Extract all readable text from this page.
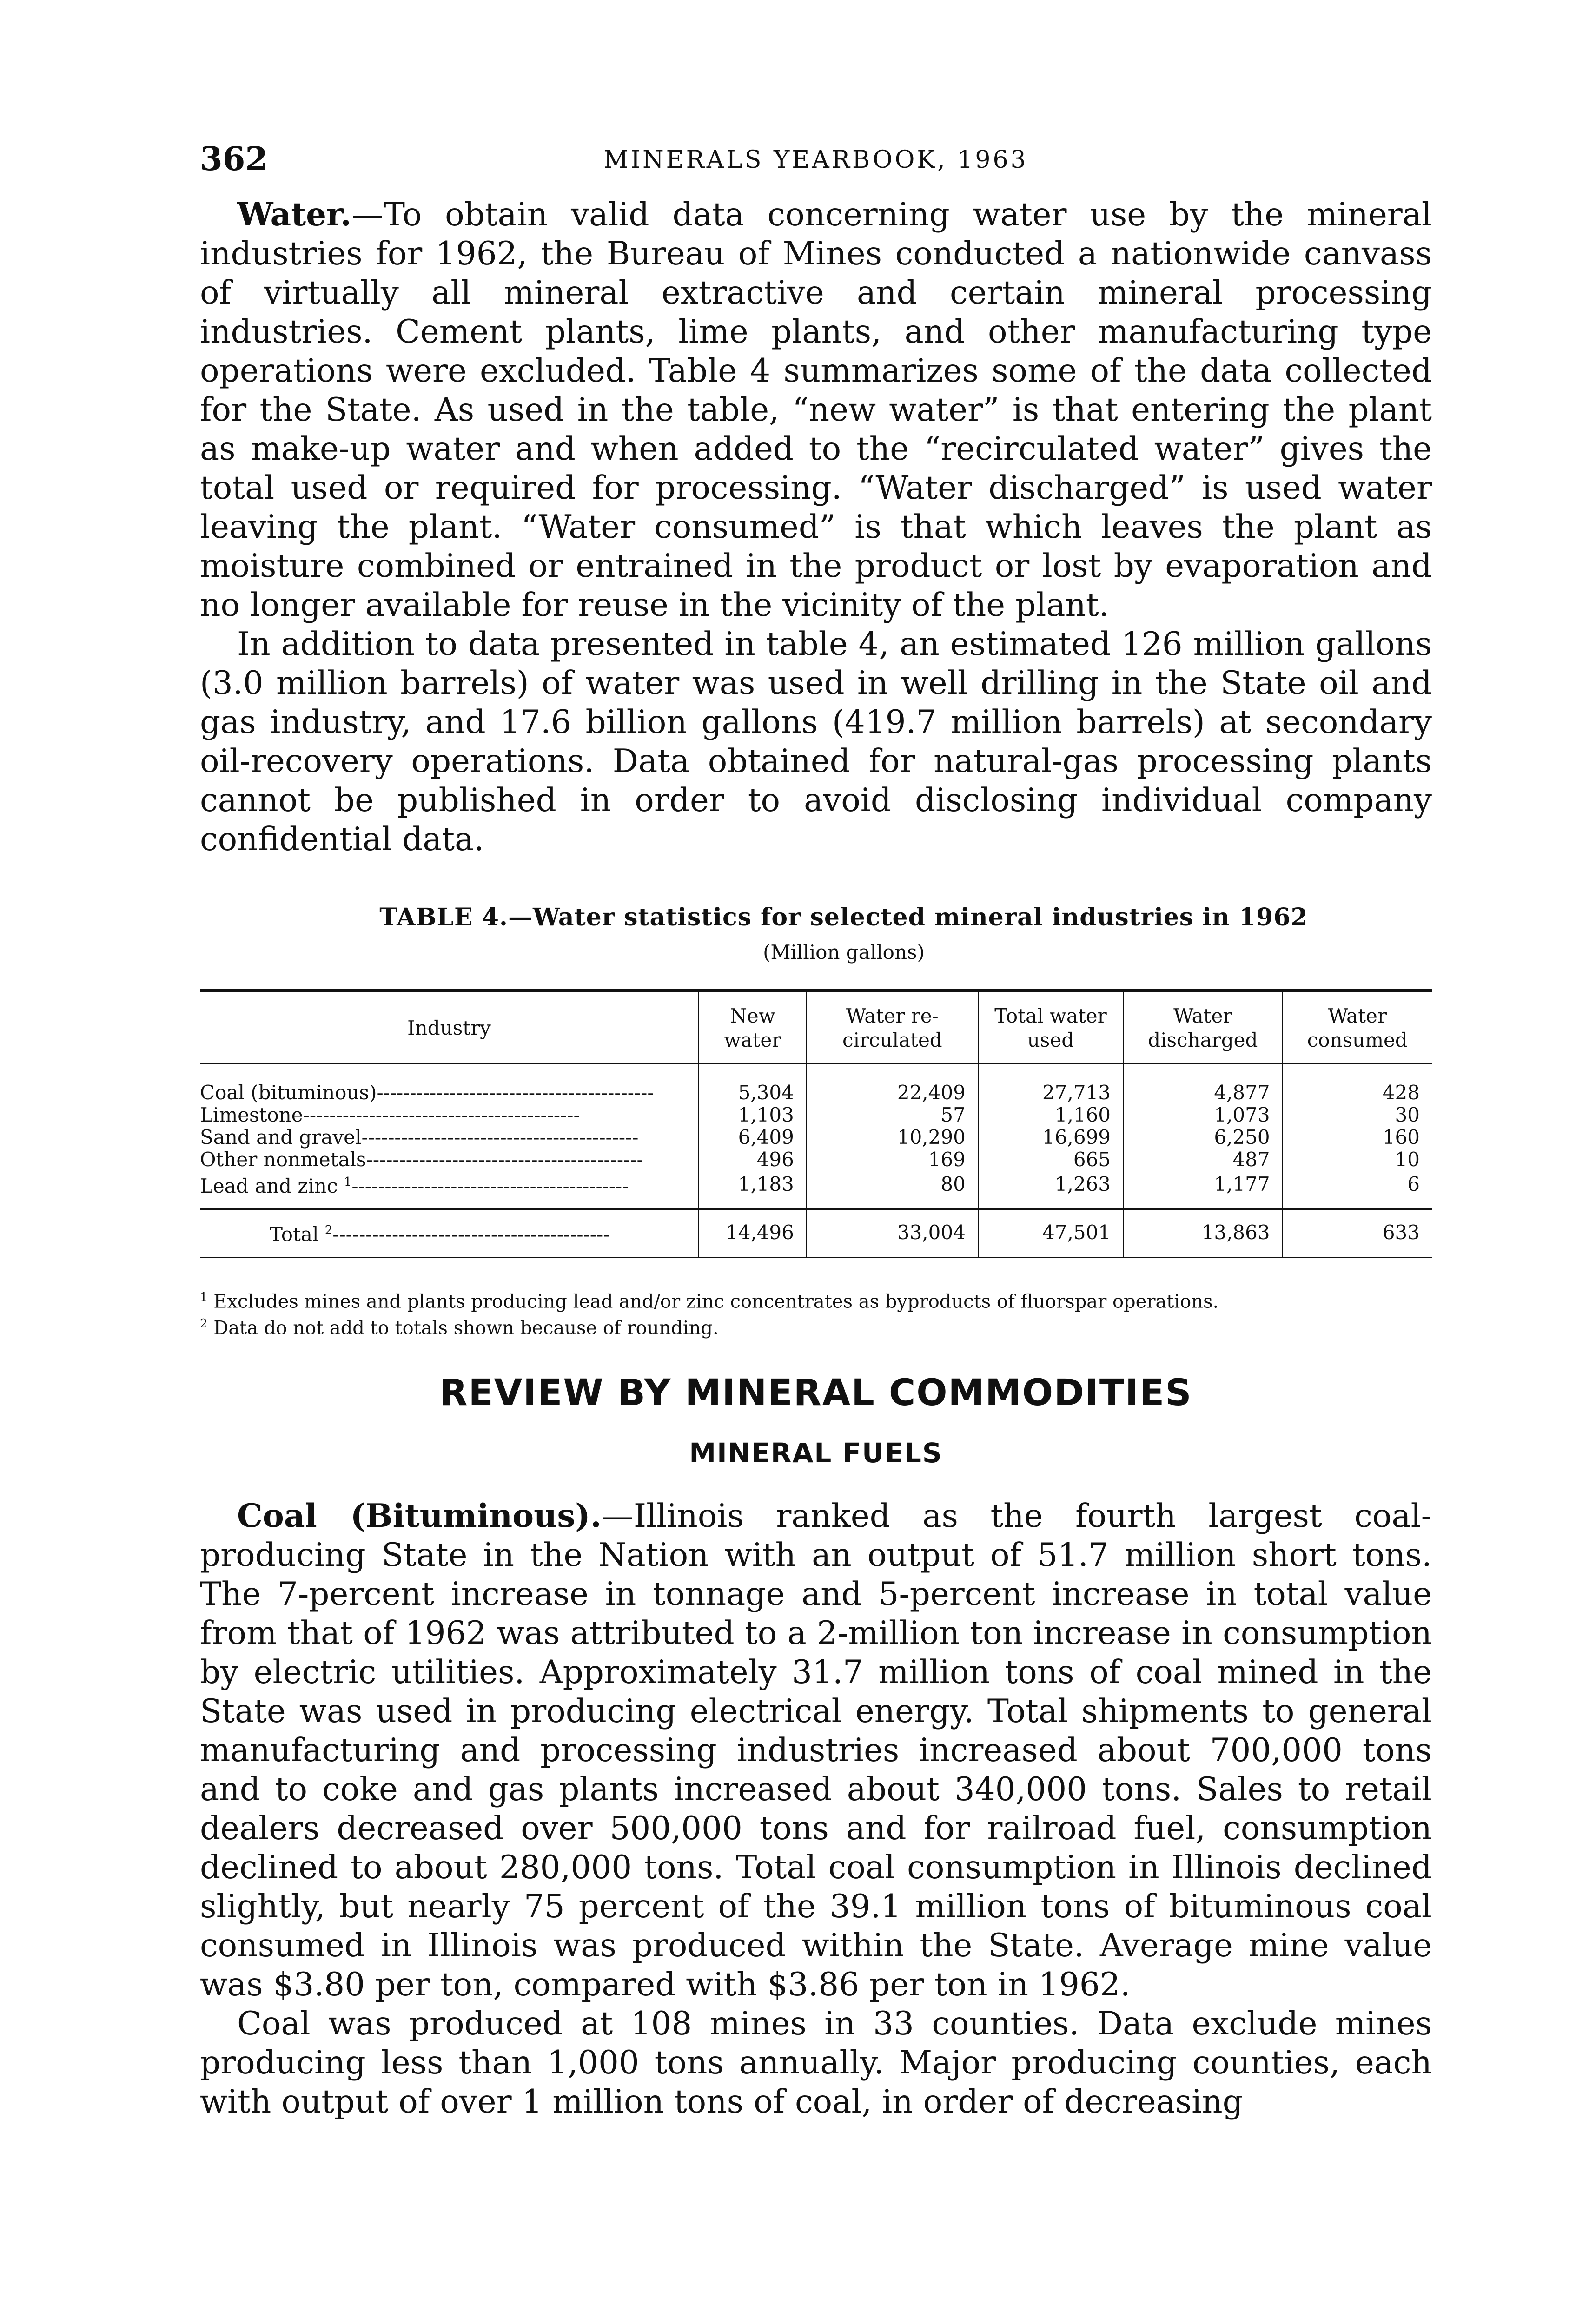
362	MINERALS YEARBOOK, 1963

Water.—To obtain valid data concerning water use by the mineral industries for 1962, the Bureau of Mines conducted a nationwide canvass of virtually all mineral extractive and certain mineral processing industries. Cement plants, lime plants, and other manufacturing type operations were excluded. Table 4 summarizes some of the data collected for the State. As used in the table, “new water” is that entering the plant as make-up water and when added to the “recirculated water” gives the total used or required for processing. “Water discharged” is used water leaving the plant. “Water consumed” is that which leaves the plant as moisture combined or entrained in the product or lost by evaporation and no longer available for reuse in the vicinity of the plant.

In addition to data presented in table 4, an estimated 126 million gallons (3.0 million barrels) of water was used in well drilling in the State oil and gas industry, and 17.6 billion gallons (419.7 million barrels) at secondary oil-recovery operations. Data obtained for natural-gas processing plants cannot be published in order to avoid disclosing individual company confidential data.

TABLE 4.—Water statistics for selected mineral industries in 1962
(Million gallons)
Industry	New water	Water re- circulated	Total water used	Water discharged	Water consumed
Coal (bituminous)------------------------------------------	5,304	22,409	27,713	4,877	428
Limestone------------------------------------------	1,103	57	1,160	1,073	30
Sand and gravel------------------------------------------	6,409	10,290	16,699	6,250	160
Other nonmetals------------------------------------------	496	169	665	487	10
Lead and zinc $^1$------------------------------------------	1,183	80	1,263	1,177	6
Total $^2$------------------------------------------	14,496	33,004	47,501	13,863	633
$^1$ Excludes mines and plants producing lead and/or zinc concentrates as byproducts of fluorspar operations.
$^2$ Data do not add to totals shown because of rounding.
REVIEW BY MINERAL COMMODITIES
MINERAL FUELS

Coal (Bituminous).—Illinois ranked as the fourth largest coal-producing State in the Nation with an output of 51.7 million short tons. The 7-percent increase in tonnage and 5-percent increase in total value from that of 1962 was attributed to a 2-million ton increase in consumption by electric utilities. Approximately 31.7 million tons of coal mined in the State was used in producing electrical energy. Total shipments to general manufacturing and processing industries increased about 700,000 tons and to coke and gas plants increased about 340,000 tons. Sales to retail dealers decreased over 500,000 tons and for railroad fuel, consumption declined to about 280,000 tons. Total coal consumption in Illinois declined slightly, but nearly 75 percent of the 39.1 million tons of bituminous coal consumed in Illinois was produced within the State. Average mine value was $3.80 per ton, compared with $3.86 per ton in 1962.

Coal was produced at 108 mines in 33 counties. Data exclude mines producing less than 1,000 tons annually. Major producing counties, each with output of over 1 million tons of coal, in order of decreasing
